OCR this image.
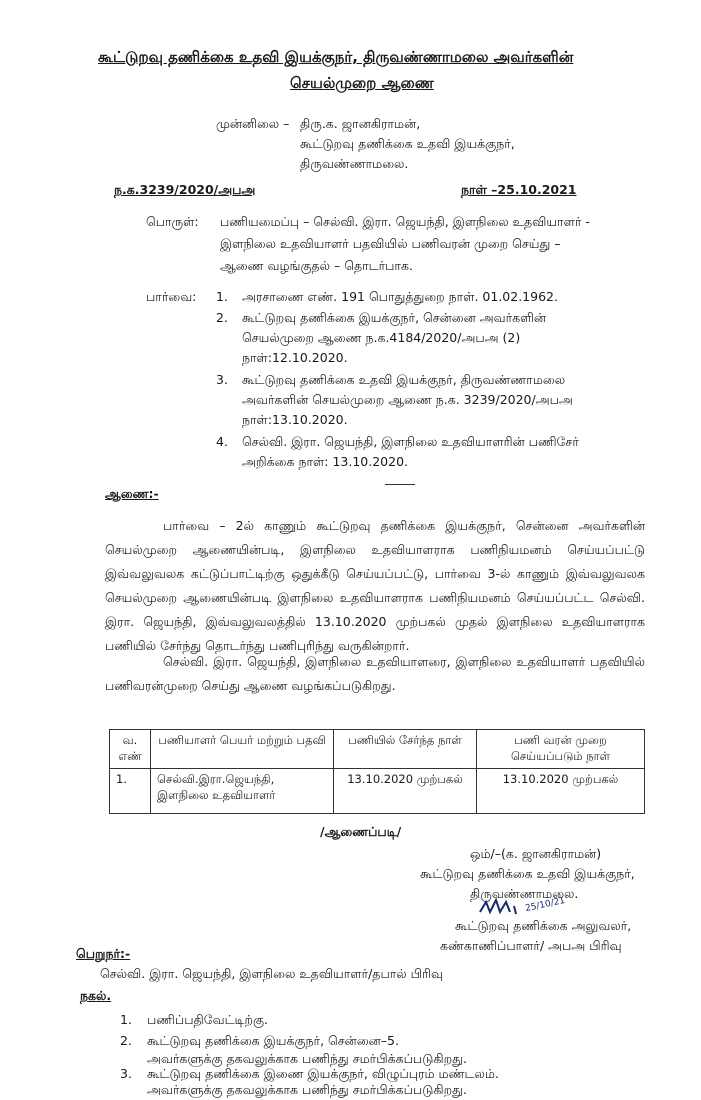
கூட்டுறவு தணிக்கை உதவி இயக்குநர், திருவண்ணாமலை அவர்களின்
செயல்முறை ஆணை
முன்னிலை – திரு.க. ஜானகிராமன்,
கூட்டுறவு தணிக்கை உதவி இயக்குநர்,
திருவண்ணாமலை.
ந.க.3239/2020/அபஅ	நாள் –25.10.2021
பொருள்: பணியமைப்பு – செல்வி. இரா. ஜெயந்தி, இளநிலை உதவியாளர் -
இளநிலை உதவியாளர் பதவியில் பணிவரன் முறை செய்து –
ஆணை வழங்குதல் – தொடர்பாக.
பார்வை: 1. அரசாணை எண். 191 பொதுத்துறை நாள். 01.02.1962.
2. கூட்டுறவு தணிக்கை இயக்குநர், சென்னை அவர்களின்
செயல்முறை ஆணை ந.க.4184/2020/அபஅ (2)
நாள்:12.10.2020.
3. கூட்டுறவு தணிக்கை உதவி இயக்குநர், திருவண்ணாமலை
அவர்களின் செயல்முறை ஆணை ந.க. 3239/2020/அபஅ
நாள்:13.10.2020.
4. செல்வி. இரா. ஜெயந்தி, இளநிலை உதவியாளரின் பணிசேர்
அறிக்கை நாள்: 13.10.2020.
ஆணை:-
பார்வை – 2ல் காணும் கூட்டுறவு தணிக்கை இயக்குநர், சென்னை அவர்களின் செயல்முறை ஆணையின்படி, இளநிலை உதவியாளராக பணிநியமனம் செய்யப்பட்டு இவ்வலுவலக கட்டுப்பாட்டிற்கு ஒதுக்கீடு செய்யப்பட்டு, பார்வை 3-ல் காணும் இவ்வலுவலக செயல்முறை ஆணையின்படி இளநிலை உதவியாளராக பணிநியமனம் செய்யப்பட்ட செல்வி. இரா. ஜெயந்தி, இவ்வலுவலத்தில் 13.10.2020 முற்பகல் முதல் இளநிலை உதவியாளராக பணியில் சேர்ந்து தொடர்ந்து பணிபுரிந்து வருகின்றார்.
செல்வி. இரா. ஜெயந்தி, இளநிலை உதவியாளரை, இளநிலை உதவியாளர் பதவியில் பணிவரன்முறை செய்து ஆணை வழங்கப்படுகிறது.
வ. எண்	பணியாளர் பெயர் மற்றும் பதவி	பணியில் சேர்ந்த நாள்	பணி வரன் முறை செய்யப்படும் நாள்
1.	செல்வி.இரா.ஜெயந்தி, இளநிலை உதவியாளர்	13.10.2020 முற்பகல்	13.10.2020 முற்பகல்
/ஆணைப்படி/
ஒம்/–(க. ஜானகிராமன்)
கூட்டுறவு தணிக்கை உதவி இயக்குநர்,
திருவண்ணாமலை.
25/10/21
கூட்டுறவு தணிக்கை அலுவலர்,
கண்காணிப்பாளர்/ அபஅ பிரிவு
பெறுநர்:-
செல்வி. இரா. ஜெயந்தி, இளநிலை உதவியாளர்/தபால் பிரிவு
நகல்.
1. பணிப்பதிவேட்டிற்கு.
2. கூட்டுறவு தணிக்கை இயக்குநர், சென்னை–5.
அவர்களுக்கு தகவலுக்காக பணிந்து சமர்பிக்கப்படுகிறது.
3. கூட்டுறவு தணிக்கை இணை இயக்குநர், விழுப்புரம் மண்டலம்.
அவர்களுக்கு தகவலுக்காக பணிந்து சமர்பிக்கப்படுகிறது.
